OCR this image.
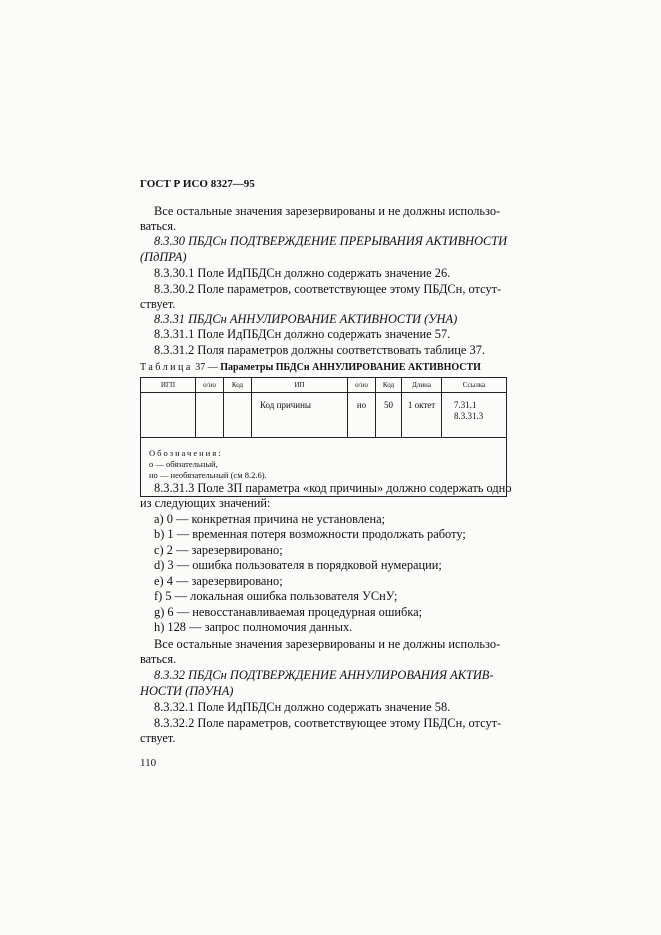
ГОСТ Р ИСО 8327—95
Все остальные значения зарезервированы и не должны использо-
ваться.
8.3.30 ПБДСн ПОДТВЕРЖДЕНИЕ ПРЕРЫВАНИЯ АКТИВНОСТИ
(ПдПРА)
8.3.30.1 Поле ИдПБДСн должно содержать значение 26.
8.3.30.2 Поле параметров, соответствующее этому ПБДСн, отсут-
ствует.
8.3.31 ПБДСн АННУЛИРОВАНИЕ АКТИВНОСТИ (УНА)
8.3.31.1 Поле ИдПБДСн должно содержать значение 57.
8.3.31.2 Поля параметров должны соответствовать таблице 37.
Таблица 37 — Параметры ПБДСн АННУЛИРОВАНИЕ АКТИВНОСТИ
ИГП	о/но	Код	ИП	о/но	Код	Длина	Ссылка
			Код причины	но	50	1 октет	7.31.1
8.3.31.3

Обозначения:
о — обязательный,
но — необязательный (см 8.2.6).							
8.3.31.3 Поле ЗП параметра «код причины» должно содержать одно
из следующих значений:
a) 0 — конкретная причина не установлена;
b) 1 — временная потеря возможности продолжать работу;
c) 2 — зарезервировано;
d) 3 — ошибка пользователя в порядковой нумерации;
e) 4 — зарезервировано;
f) 5 — локальная ошибка пользователя УСнУ;
g) 6 — невосстанавливаемая процедурная ошибка;
h) 128 — запрос полномочия данных.
Все остальные значения зарезервированы и не должны использо-
ваться.
8.3.32 ПБДСн ПОДТВЕРЖДЕНИЕ АННУЛИРОВАНИЯ АКТИВ-
НОСТИ (ПдУНА)
8.3.32.1 Поле ИдПБДСн должно содержать значение 58.
8.3.32.2 Поле параметров, соответствующее этому ПБДСн, отсут-
ствует.
110
